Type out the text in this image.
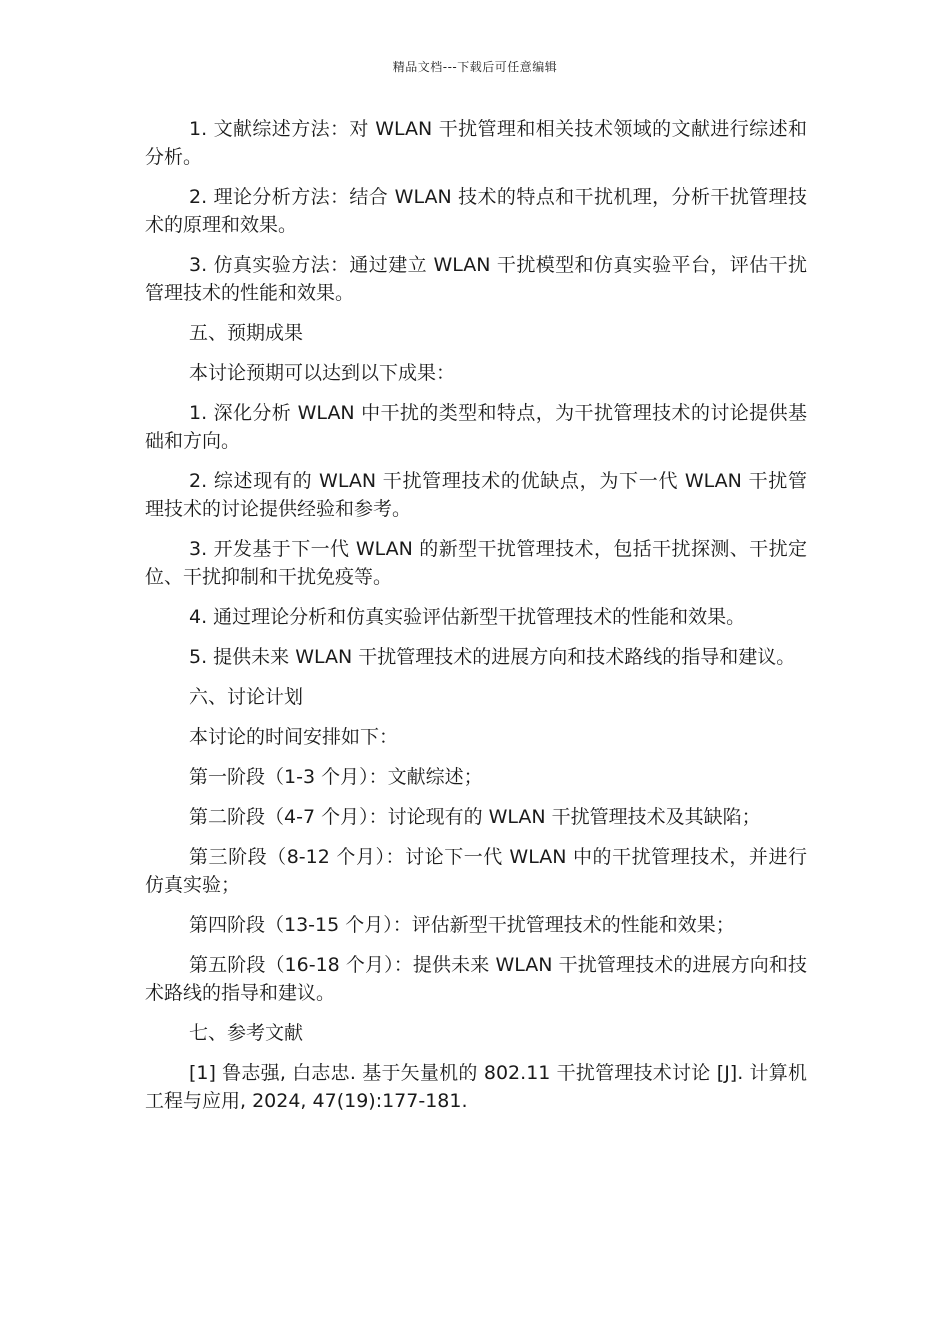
精品文档---下载后可任意编辑

1. 文献综述方法：对 WLAN 干扰管理和相关技术领域的文献进行综述和分析。

2. 理论分析方法：结合 WLAN 技术的特点和干扰机理，分析干扰管理技术的原理和效果。

3. 仿真实验方法：通过建立 WLAN 干扰模型和仿真实验平台，评估干扰管理技术的性能和效果。

五、预期成果

本讨论预期可以达到以下成果：

1. 深化分析 WLAN 中干扰的类型和特点，为干扰管理技术的讨论提供基础和方向。

2. 综述现有的 WLAN 干扰管理技术的优缺点，为下一代 WLAN 干扰管理技术的讨论提供经验和参考。

3. 开发基于下一代 WLAN 的新型干扰管理技术，包括干扰探测、干扰定位、干扰抑制和干扰免疫等。

4. 通过理论分析和仿真实验评估新型干扰管理技术的性能和效果。

5. 提供未来 WLAN 干扰管理技术的进展方向和技术路线的指导和建议。

六、讨论计划

本讨论的时间安排如下：

第一阶段（1-3 个月）：文献综述；

第二阶段（4-7 个月）：讨论现有的 WLAN 干扰管理技术及其缺陷；

第三阶段（8-12 个月）：讨论下一代 WLAN 中的干扰管理技术，并进行仿真实验；

第四阶段（13-15 个月）：评估新型干扰管理技术的性能和效果；

第五阶段（16-18 个月）：提供未来 WLAN 干扰管理技术的进展方向和技术路线的指导和建议。

七、参考文献

[1] 鲁志强, 白志忠. 基于矢量机的 802.11 干扰管理技术讨论 [J]. 计算机工程与应用, 2024, 47(19):177-181.
